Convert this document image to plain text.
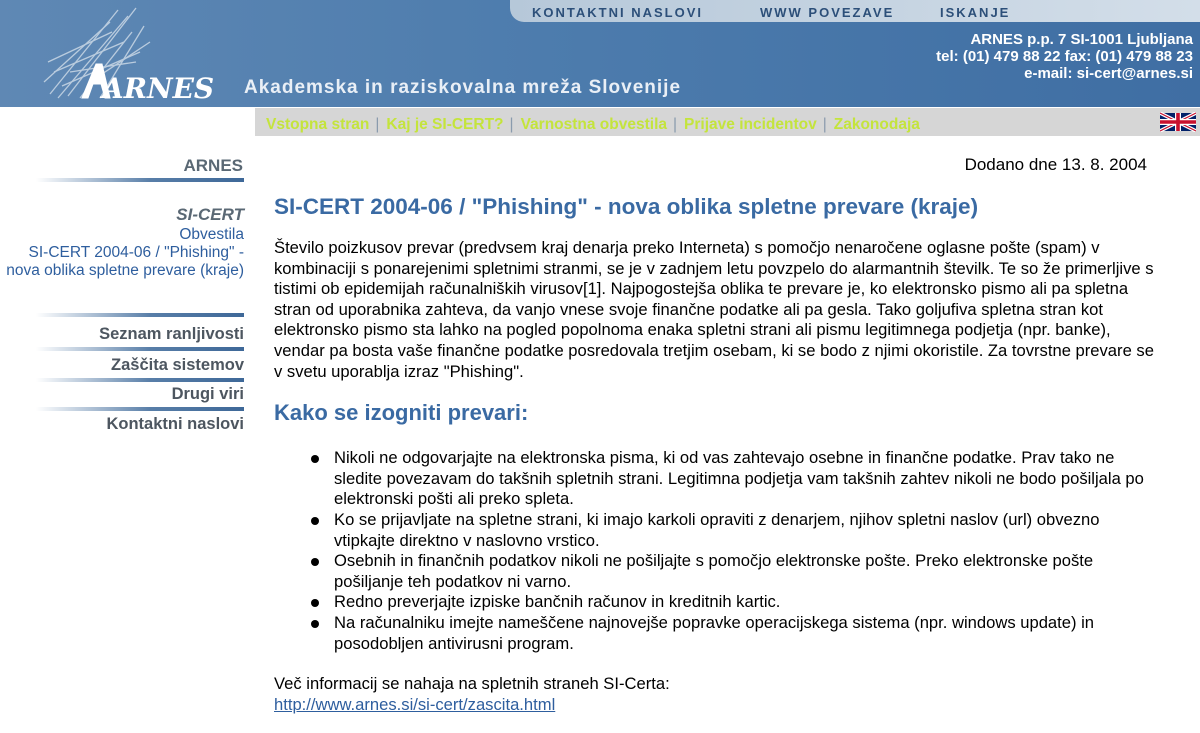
KONTAKTNI NASLOVI	WWW POVEZAVE	ISKANJE
ARNES Akademska in raziskovalna mreža Slovenije
ARNES p.p. 7 SI-1001 Ljubljana
tel: (01) 479 88 22 fax: (01) 479 88 23
e-mail: si-cert@arnes.si
Vstopna stran | Kaj je SI-CERT? | Varnostna obvestila | Prijave incidentov | Zakonodaja
ARNES
SI-CERT
Obvestila
SI-CERT 2004-06 / "Phishing" - nova oblika spletne prevare (kraje)
Seznam ranljivosti
Zaščita sistemov
Drugi viri
Kontaktni naslovi
Dodano dne 13. 8. 2004
SI-CERT 2004-06 / "Phishing" - nova oblika spletne prevare (kraje)

Število poizkusov prevar (predvsem kraj denarja preko Interneta) s pomočjo nenaročene oglasne pošte (spam) v kombinaciji s ponarejenimi spletnimi stranmi, se je v zadnjem letu povzpelo do alarmantnih številk. Te so že primerljive s tistimi ob epidemijah računalniških virusov[1]. Najpogostejša oblika te prevare je, ko elektronsko pismo ali pa spletna stran od uporabnika zahteva, da vanjo vnese svoje finančne podatke ali pa gesla. Tako goljufiva spletna stran kot elektronsko pismo sta lahko na pogled popolnoma enaka spletni strani ali pismu legitimnega podjetja (npr. banke), vendar pa bosta vaše finančne podatke posredovala tretjim osebam, ki se bodo z njimi okoristile. Za tovrstne prevare se v svetu uporablja izraz "Phishing".

Kako se izogniti prevari:
Nikoli ne odgovarjajte na elektronska pisma, ki od vas zahtevajo osebne in finančne podatke. Prav tako ne sledite povezavam do takšnih spletnih strani. Legitimna podjetja vam takšnih zahtev nikoli ne bodo pošiljala po elektronski pošti ali preko spleta.
Ko se prijavljate na spletne strani, ki imajo karkoli opraviti z denarjem, njihov spletni naslov (url) obvezno vtipkajte direktno v naslovno vrstico.
Osebnih in finančnih podatkov nikoli ne pošiljajte s pomočjo elektronske pošte. Preko elektronske pošte pošiljanje teh podatkov ni varno.
Redno preverjajte izpiske bančnih računov in kreditnih kartic.
Na računalniku imejte nameščene najnovejše popravke operacijskega sistema (npr. windows update) in posodobljen antivirusni program.
Več informacij se nahaja na spletnih straneh SI-Certa:
http://www.arnes.si/si-cert/zascita.html
